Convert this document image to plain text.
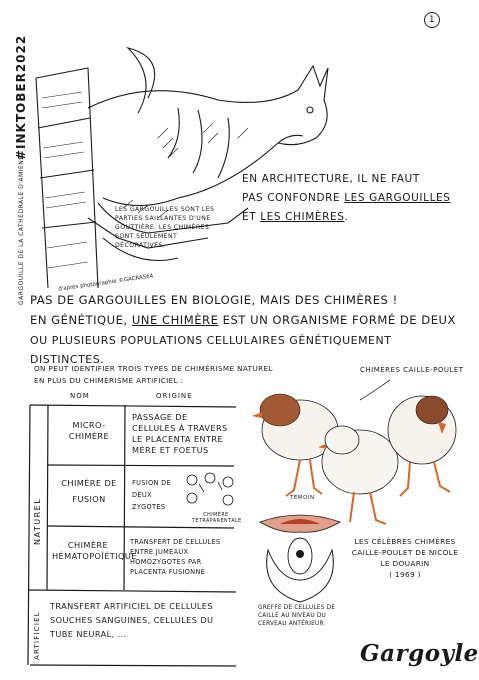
1
#INKTOBER2022
GARGOUILLE DE LA CATHÉDRALE D'AMIENS	LES GARGOUILLES SONT LES PARTIES SAILLANTES D'UNE GOUTTIÈRE. LES CHIMÈRES SONT SEULEMENT DÉCORATIVES.
d'après photographie ©GACRAS64
EN ARCHITECTURE, IL NE FAUT
PAS CONFONDRE LES GARGOUILLES
ET LES CHIMÈRES.
PAS DE GARGOUILLES EN BIOLOGIE, MAIS DES CHIMÈRES !
EN GÉNÉTIQUE, UNE CHIMÈRE EST UN ORGANISME FORMÉ DE DEUX
OU PLUSIEURS POPULATIONS CELLULAIRES GÉNÉTIQUEMENT DISTINCTES.
ON PEUT IDENTIFIER TROIS TYPES DE CHIMÉRISME NATUREL EN PLUS DU CHIMÉRISME ARTIFICIEL :
NOM	ORIGINE
NATUREL
ARTIFICIEL
MICRO-CHIMÈRE
PASSAGE DE CELLULES À TRAVERS LE PLACENTA ENTRE MÈRE ET FOETUS
CHIMÈRE DE FUSION
FUSION DE DEUX ZYGOTES
CHIMÈRE TÉTRAPARENTALE
CHIMÈRE HÉMATOPOÏÉTIQUE
TRANSFERT DE CELLULES ENTRE JUMEAUX HOMOZYGOTES PAR PLACENTA FUSIONNÉ
TRANSFERT ARTIFICIEL DE CELLULES SOUCHES SANGUINES, CELLULES DU TUBE NEURAL, ...
CHIMÈRES CAILLE-POULET
TÉMOIN
GREFFE DE CELLULES DE CAILLE AU NIVEAU DU CERVEAU ANTÉRIEUR
LES CÉLÈBRES CHIMÈRES CAILLE-POULET DE NICOLE LE DOUARIN
( 1969 )
Gargoyle
